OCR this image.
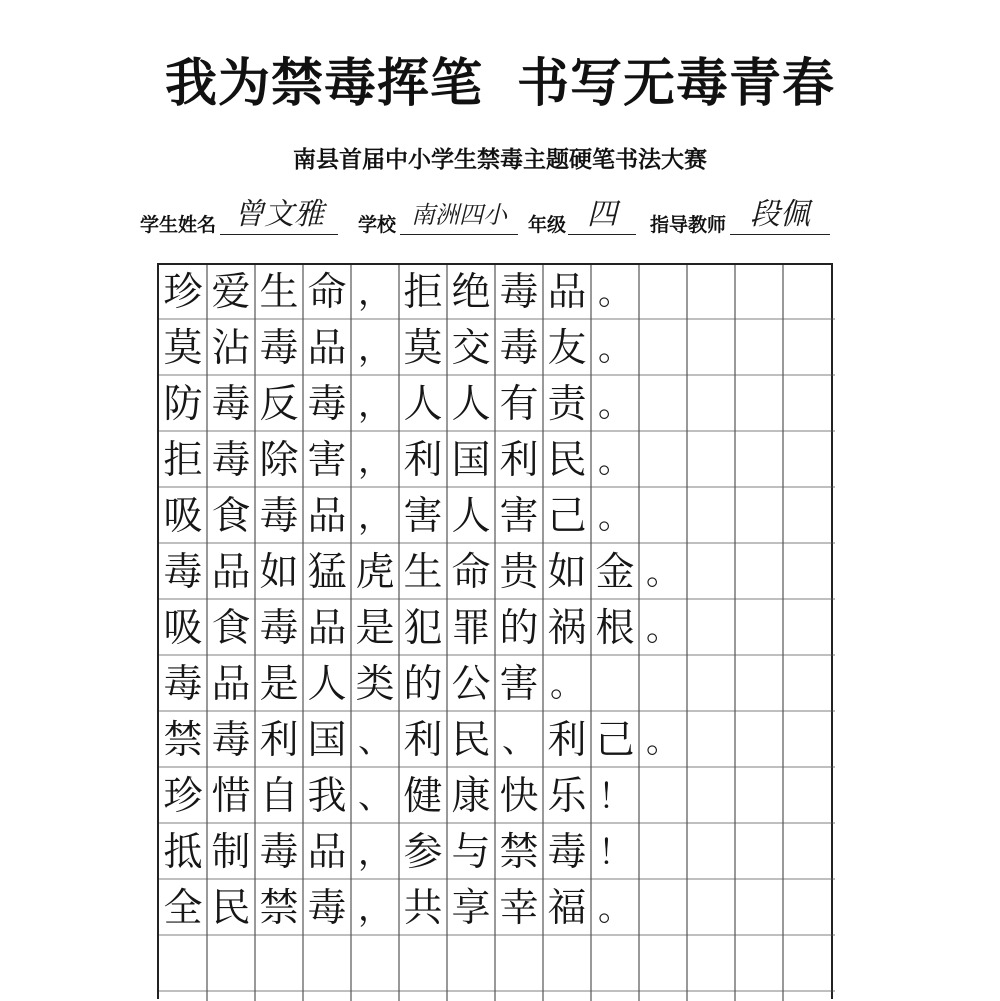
我为禁毒挥笔 书写无毒青春
南县首届中小学生禁毒主题硬笔书法大赛
学生姓名 曾文雅	学校 南洲四小	年级 四	指导教师 段佩
珍 爱 生 命 ， 拒 绝 毒 品 。
莫 沾 毒 品 ， 莫 交 毒 友 。
防 毒 反 毒 ， 人 人 有 责 。
拒 毒 除 害 ， 利 国 利 民 。
吸 食 毒 品 ， 害 人 害 己 。
毒 品 如 猛 虎 生 命 贵 如 金 。
吸 食 毒 品 是 犯 罪 的 祸 根 。
毒 品 是 人 类 的 公 害 。
禁 毒 利 国 、 利 民 、 利 己 。
珍 惜 自 我 、 健 康 快 乐 ！
抵 制 毒 品 ， 参 与 禁 毒 ！
全 民 禁 毒 ， 共 享 幸 福 。
